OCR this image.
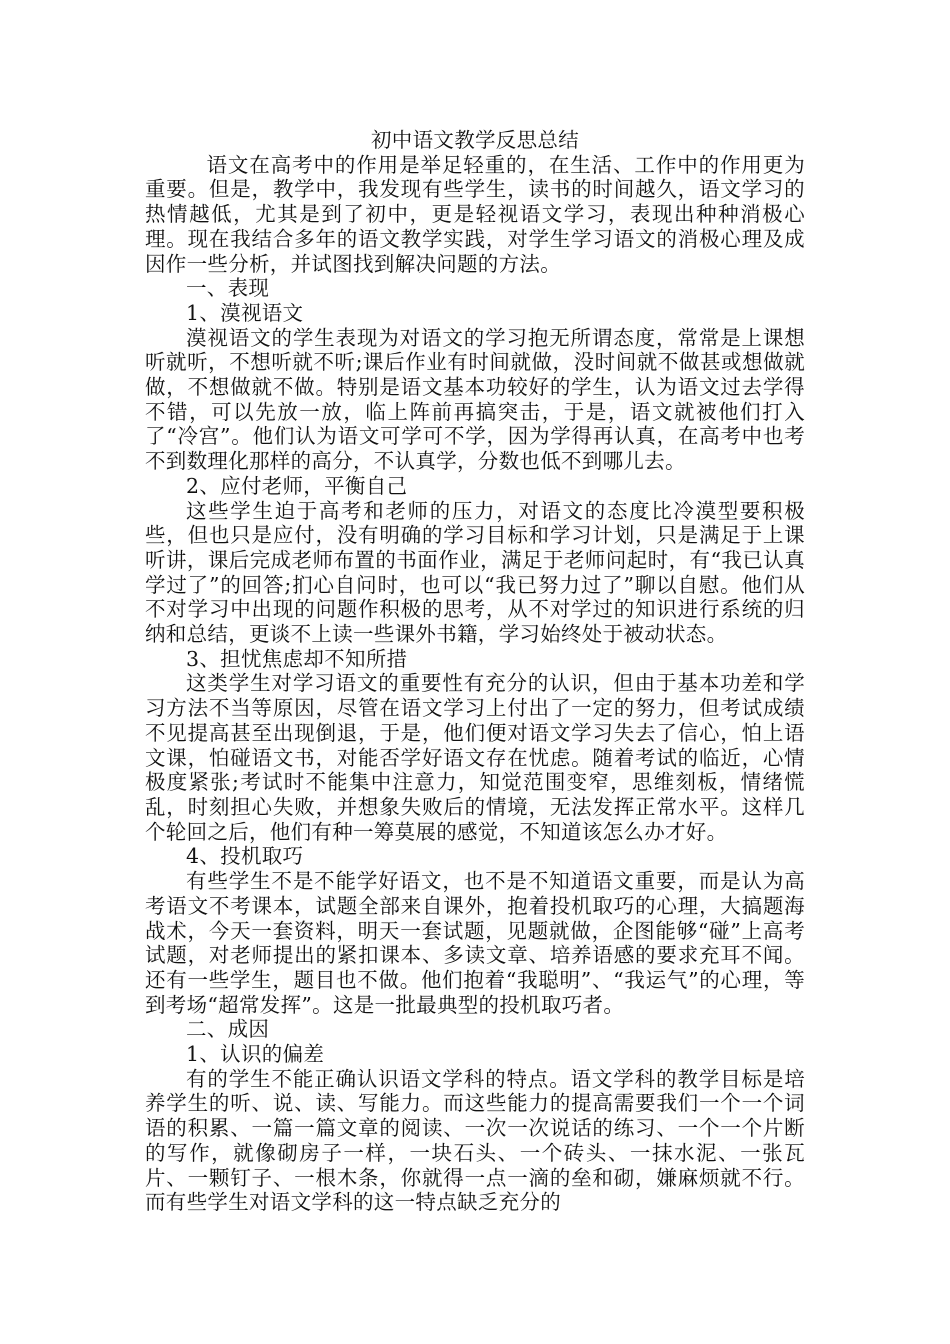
初中语文教学反思总结

语文在高考中的作用是举足轻重的，在生活、工作中的作用更为重要。但是，教学中，我发现有些学生，读书的时间越久，语文学习的热情越低，尤其是到了初中，更是轻视语文学习，表现出种种消极心理。现在我结合多年的语文教学实践，对学生学习语文的消极心理及成因作一些分析，并试图找到解决问题的方法。

一、表现

1、漠视语文

漠视语文的学生表现为对语文的学习抱无所谓态度，常常是上课想听就听，不想听就不听;课后作业有时间就做，没时间就不做甚或想做就做，不想做就不做。特别是语文基本功较好的学生，认为语文过去学得不错，可以先放一放，临上阵前再搞突击，于是，语文就被他们打入了“冷宫”。他们认为语文可学可不学，因为学得再认真，在高考中也考不到数理化那样的高分，不认真学，分数也低不到哪儿去。

2、应付老师，平衡自己

这些学生迫于高考和老师的压力，对语文的态度比冷漠型要积极些，但也只是应付，没有明确的学习目标和学习计划，只是满足于上课听讲，课后完成老师布置的书面作业，满足于老师问起时，有“我已认真学过了”的回答;扪心自问时，也可以“我已努力过了”聊以自慰。他们从不对学习中出现的问题作积极的思考，从不对学过的知识进行系统的归纳和总结，更谈不上读一些课外书籍，学习始终处于被动状态。

3、担忧焦虑却不知所措

这类学生对学习语文的重要性有充分的认识，但由于基本功差和学习方法不当等原因，尽管在语文学习上付出了一定的努力，但考试成绩不见提高甚至出现倒退，于是，他们便对语文学习失去了信心，怕上语文课，怕碰语文书，对能否学好语文存在忧虑。随着考试的临近，心情极度紧张;考试时不能集中注意力，知觉范围变窄，思维刻板，情绪慌乱，时刻担心失败，并想象失败后的情境，无法发挥正常水平。这样几个轮回之后，他们有种一筹莫展的感觉，不知道该怎么办才好。

4、投机取巧

有些学生不是不能学好语文，也不是不知道语文重要，而是认为高考语文不考课本，试题全部来自课外，抱着投机取巧的心理，大搞题海战术，今天一套资料，明天一套试题，见题就做，企图能够“碰”上高考试题，对老师提出的紧扣课本、多读文章、培养语感的要求充耳不闻。还有一些学生，题目也不做。他们抱着“我聪明”、“我运气”的心理，等到考场“超常发挥”。这是一批最典型的投机取巧者。

二、成因

1、认识的偏差

有的学生不能正确认识语文学科的特点。语文学科的教学目标是培养学生的听、说、读、写能力。而这些能力的提高需要我们一个一个词语的积累、一篇一篇文章的阅读、一次一次说话的练习、一个一个片断的写作，就像砌房子一样，一块石头、一个砖头、一抹水泥、一张瓦片、一颗钉子、一根木条，你就得一点一滴的垒和砌，嫌麻烦就不行。而有些学生对语文学科的这一特点缺乏充分的
